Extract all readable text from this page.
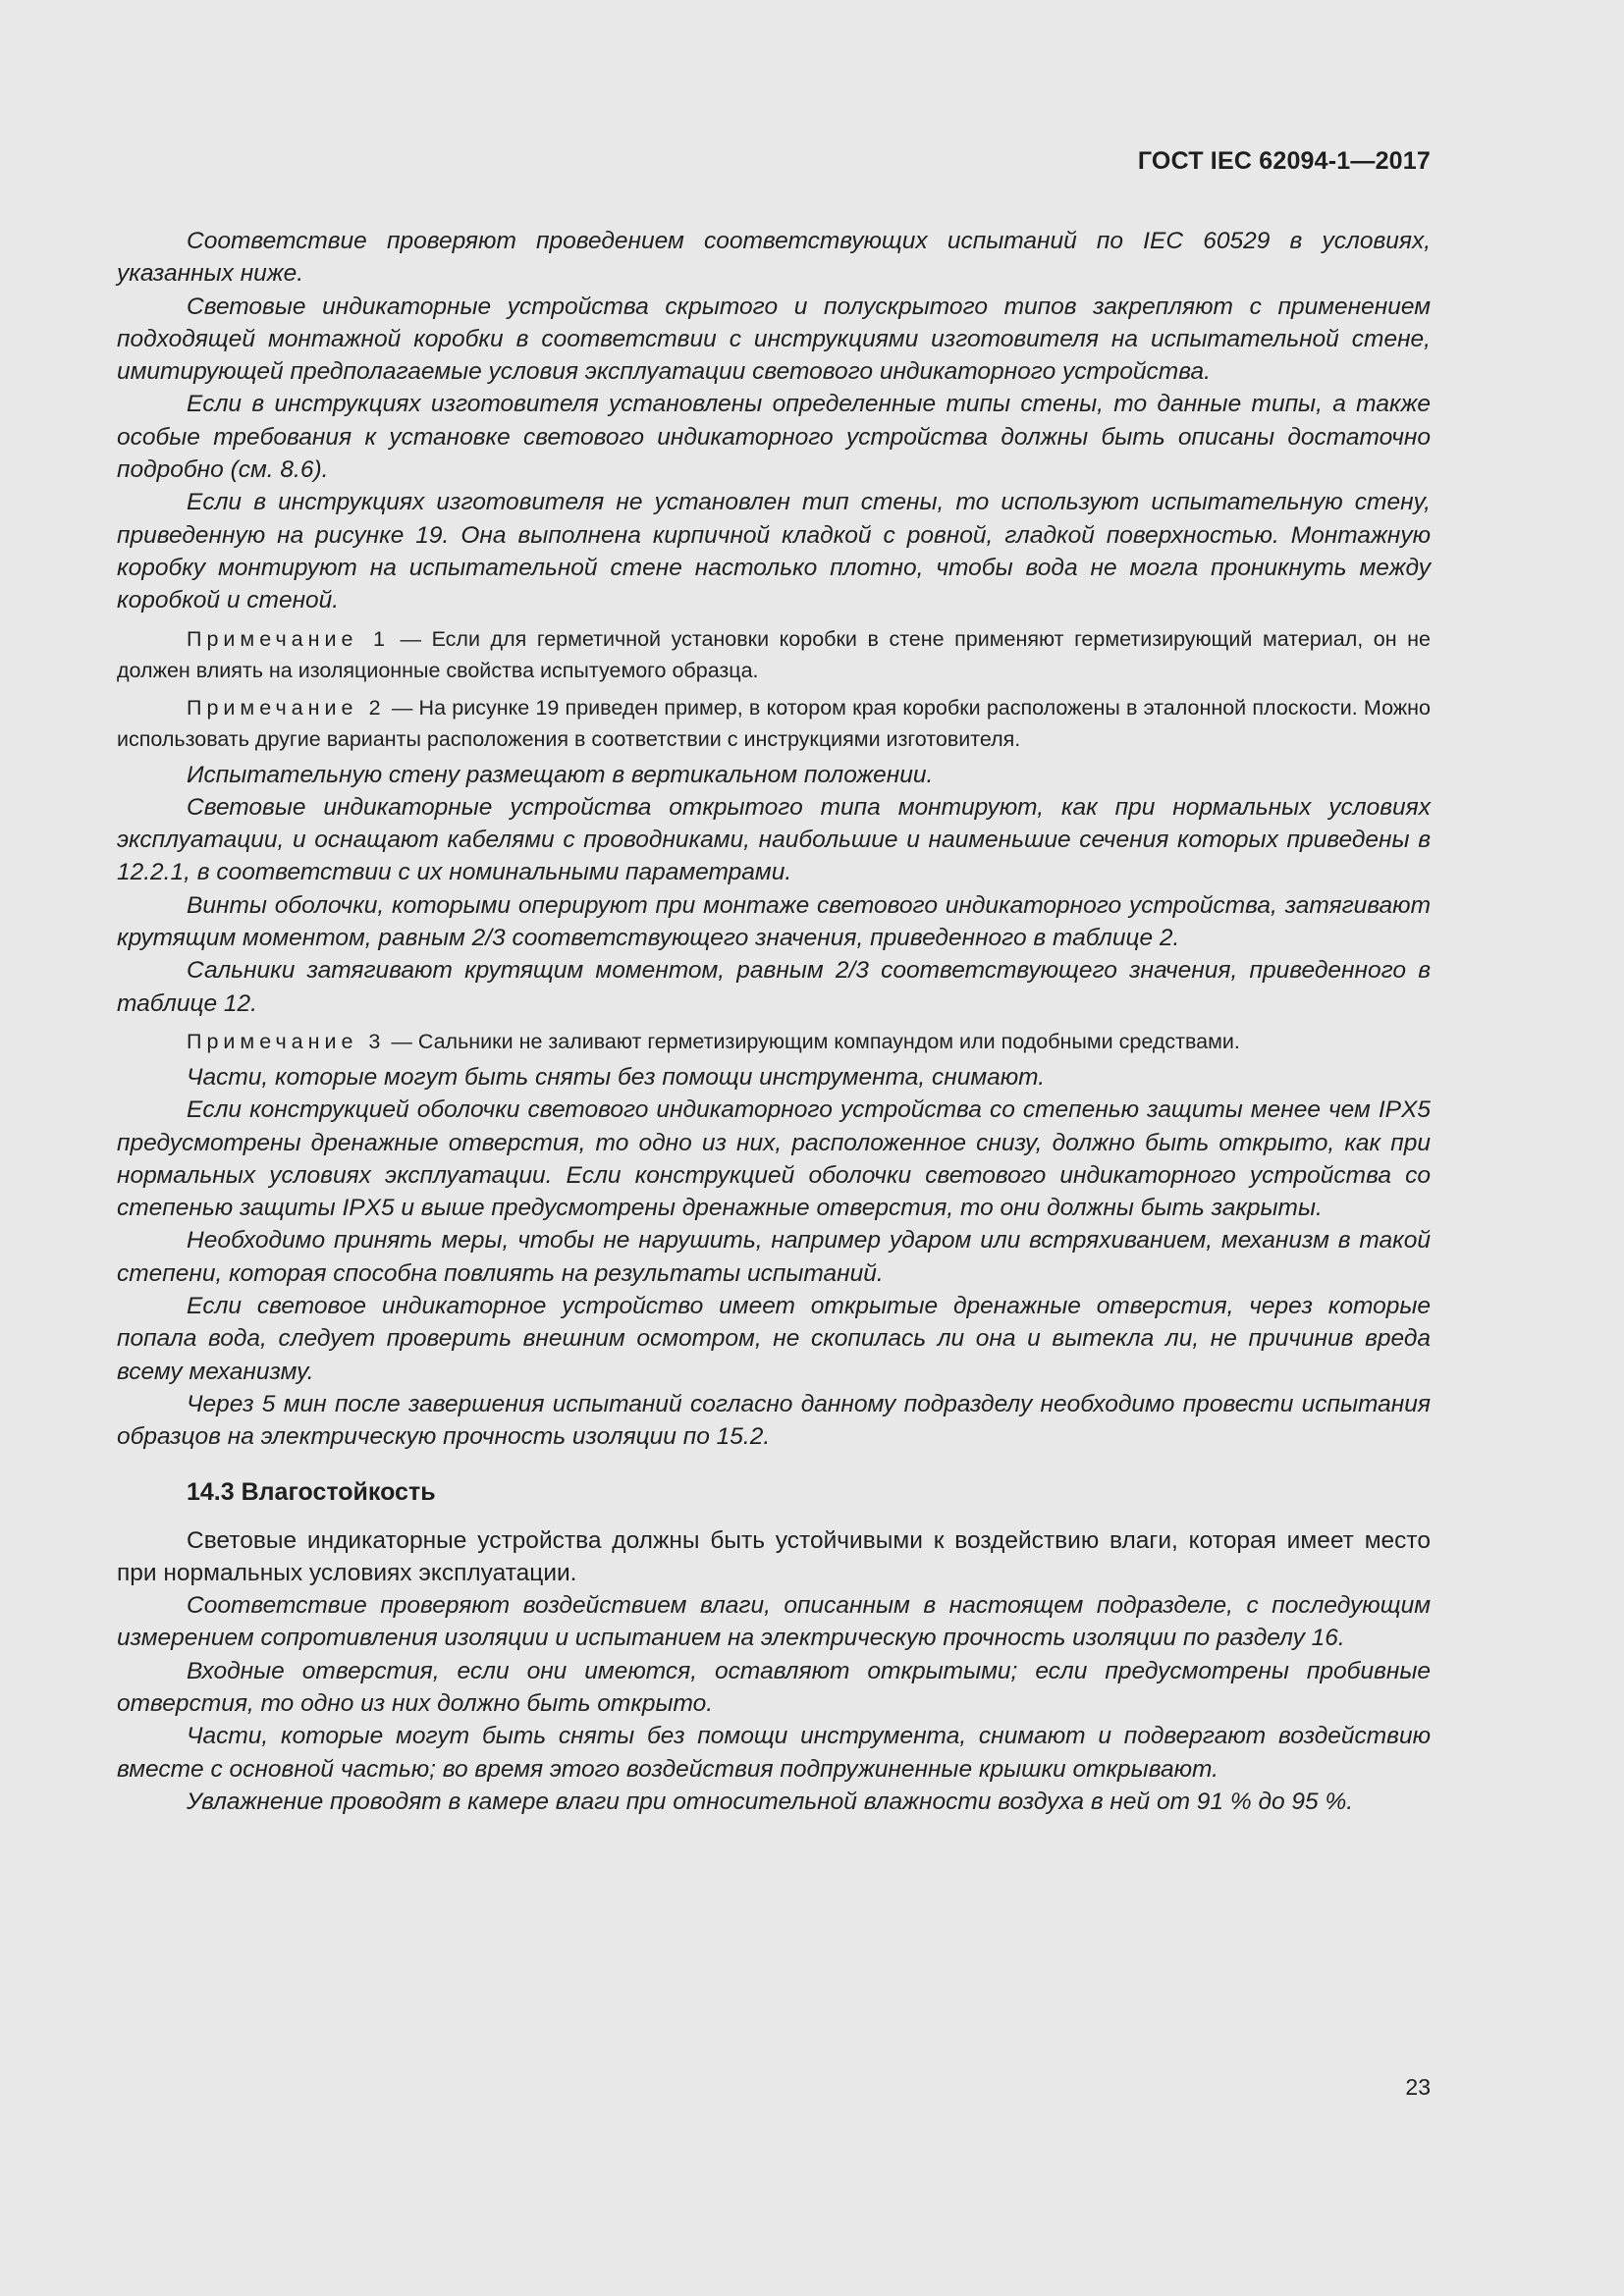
ГОСТ IEC 62094-1—2017

Соответствие проверяют проведением соответствующих испытаний по IEC 60529 в условиях, указанных ниже.

Световые индикаторные устройства скрытого и полускрытого типов закрепляют с применением подходящей монтажной коробки в соответствии с инструкциями изготовителя на испытательной стене, имитирующей предполагаемые условия эксплуатации светового индикаторного устройства.

Если в инструкциях изготовителя установлены определенные типы стены, то данные типы, а также особые требования к установке светового индикаторного устройства должны быть описаны достаточно подробно (см. 8.6).

Если в инструкциях изготовителя не установлен тип стены, то используют испытательную стену, приведенную на рисунке 19. Она выполнена кирпичной кладкой с ровной, гладкой поверхностью. Монтажную коробку монтируют на испытательной стене настолько плотно, чтобы вода не могла проникнуть между коробкой и стеной.

Примечание 1 — Если для герметичной установки коробки в стене применяют герметизирующий материал, он не должен влиять на изоляционные свойства испытуемого образца.

Примечание 2 — На рисунке 19 приведен пример, в котором края коробки расположены в эталонной плоскости. Можно использовать другие варианты расположения в соответствии с инструкциями изготовителя.

Испытательную стену размещают в вертикальном положении.

Световые индикаторные устройства открытого типа монтируют, как при нормальных условиях эксплуатации, и оснащают кабелями с проводниками, наибольшие и наименьшие сечения которых приведены в 12.2.1, в соответствии с их номинальными параметрами.

Винты оболочки, которыми оперируют при монтаже светового индикаторного устройства, затягивают крутящим моментом, равным 2/3 соответствующего значения, приведенного в таблице 2.

Сальники затягивают крутящим моментом, равным 2/3 соответствующего значения, приведенного в таблице 12.

Примечание 3 — Сальники не заливают герметизирующим компаундом или подобными средствами.

Части, которые могут быть сняты без помощи инструмента, снимают.

Если конструкцией оболочки светового индикаторного устройства со степенью защиты менее чем IPX5 предусмотрены дренажные отверстия, то одно из них, расположенное снизу, должно быть открыто, как при нормальных условиях эксплуатации. Если конструкцией оболочки светового индикаторного устройства со степенью защиты IPX5 и выше предусмотрены дренажные отверстия, то они должны быть закрыты.

Необходимо принять меры, чтобы не нарушить, например ударом или встряхиванием, механизм в такой степени, которая способна повлиять на результаты испытаний.

Если световое индикаторное устройство имеет открытые дренажные отверстия, через которые попала вода, следует проверить внешним осмотром, не скопилась ли она и вытекла ли, не причинив вреда всему механизму.

Через 5 мин после завершения испытаний согласно данному подразделу необходимо провести испытания образцов на электрическую прочность изоляции по 15.2.

14.3 Влагостойкость

Световые индикаторные устройства должны быть устойчивыми к воздействию влаги, которая имеет место при нормальных условиях эксплуатации.

Соответствие проверяют воздействием влаги, описанным в настоящем подразделе, с последующим измерением сопротивления изоляции и испытанием на электрическую прочность изоляции по разделу 16.

Входные отверстия, если они имеются, оставляют открытыми; если предусмотрены пробивные отверстия, то одно из них должно быть открыто.

Части, которые могут быть сняты без помощи инструмента, снимают и подвергают воздействию вместе с основной частью; во время этого воздействия подпружиненные крышки открывают.

Увлажнение проводят в камере влаги при относительной влажности воздуха в ней от 91 % до 95 %.

23
